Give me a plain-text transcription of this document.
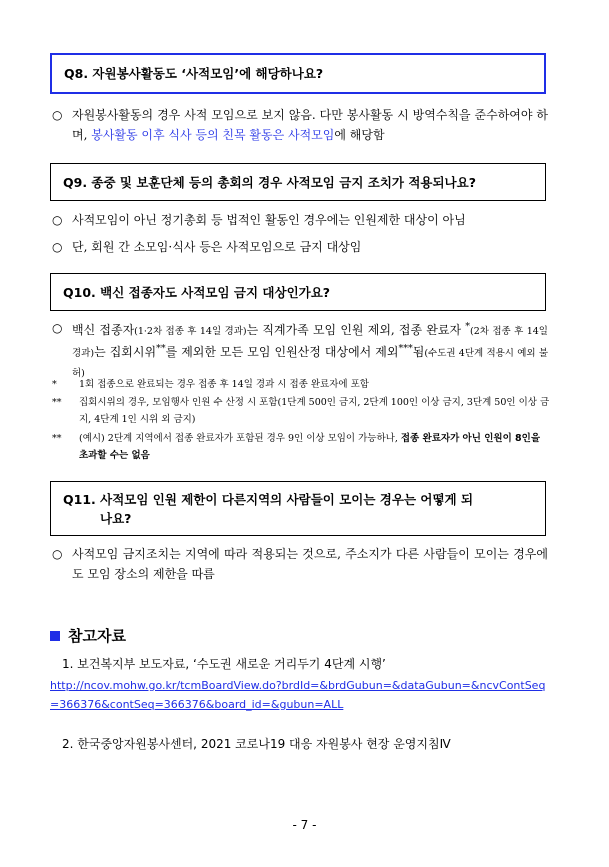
Q8. 자원봉사활동도 ‘사적모임’에 해당하나요?
○ 자원봉사활동의 경우 사적 모임으로 보지 않음. 다만 봉사활동 시 방역수칙을 준수하여야 하며, 봉사활동 이후 식사 등의 친목 활동은 사적모임에 해당함
Q9. 종중 및 보훈단체 등의 총회의 경우 사적모임 금지 조치가 적용되나요?
○ 사적모임이 아닌 정기총회 등 법적인 활동인 경우에는 인원제한 대상이 아님
○ 단, 회원 간 소모임·식사 등은 사적모임으로 금지 대상임
Q10. 백신 접종자도 사적모임 금지 대상인가요?
○ 백신 접종자(1·2차 접종 후 14일 경과)는 직계가족 모임 인원 제외, 접종 완료자 *(2차 접종 후 14일 경과)는 집회시위**를 제외한 모든 모임 인원산정 대상에서 제외***됨(수도권 4단계 적용시 예외 불허)
*	1회 접종으로 완료되는 경우 접종 후 14일 경과 시 접종 완료자에 포함
**	집회시위의 경우, 모임행사 인원 수 산정 시 포함(1단계 500인 금지, 2단계 100인 이상 금지, 3단계 50인 이상 금지, 4단계 1인 시위 외 금지)
**	(예시) 2단계 지역에서 접종 완료자가 포함된 경우 9인 이상 모임이 가능하나, 접종 완료자가 아닌 인원이 8인을 초과할 수는 없음
Q11. 사적모임 인원 제한이 다른지역의 사람들이 모이는 경우는 어떻게 되
나요?
○ 사적모임 금지조치는 지역에 따라 적용되는 것으로, 주소지가 다른 사람들이 모이는 경우에도 모임 장소의 제한을 따름
참고자료
1. 보건복지부 보도자료, ‘수도권 새로운 거리두기 4단계 시행’
http://ncov.mohw.go.kr/tcmBoardView.do?brdId=&brdGubun=&dataGubun=&ncvContSeq=366376&contSeq=366376&board_id=&gubun=ALL
2. 한국중앙자원봉사센터, 2021 코로나19 대응 자원봉사 현장 운영지침Ⅳ
- 7 -
